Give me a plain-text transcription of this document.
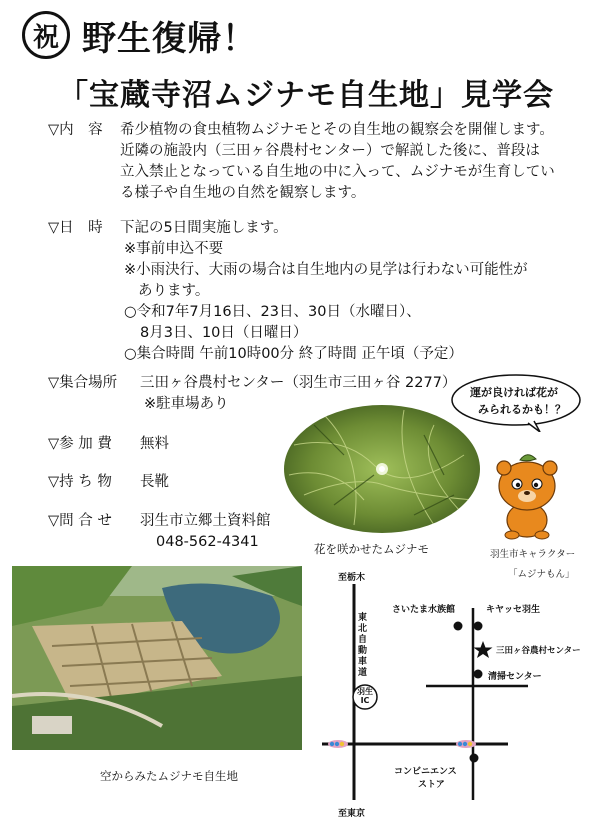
祝 野生復帰！
「宝蔵寺沼ムジナモ自生地」見学会
▽内　容 希少植物の食虫植物ムジナモとその自生地の観察会を開催します。
近隣の施設内（三田ヶ谷農村センター）で解説した後に、普段は
立入禁止となっている自生地の中に入って、ムジナモが生育してい
る様子や自生地の自然を観察します。
▽日　時 下記の5日間実施します。
※事前申込不要
※小雨決行、大雨の場合は自生地内の見学は行わない可能性が
あります。
○令和7年7月16日、23日、30日（水曜日）、
8月3日、10日（日曜日）
○集合時間 午前10時00分 終了時間 正午頃（予定）
▽集合場所 三田ヶ谷農村センター（羽生市三田ヶ谷 2277）
※駐車場あり
▽参 加 費 無料
▽持 ち 物 長靴
▽問 合 せ 羽生市立郷土資料館
048-562-4341	花を咲かせたムジナモ
運が良ければ花が
みられるかも！？
羽生市キャラクター
「ムジナもん」
空からみたムジナモ自生地
至栃木
至東京
東
北
自
動
車
道
羽生
IC
さいたま水族館	キヤッセ羽生
三田ヶ谷農村センター
清掃センター
コンビニエンス
ストア
